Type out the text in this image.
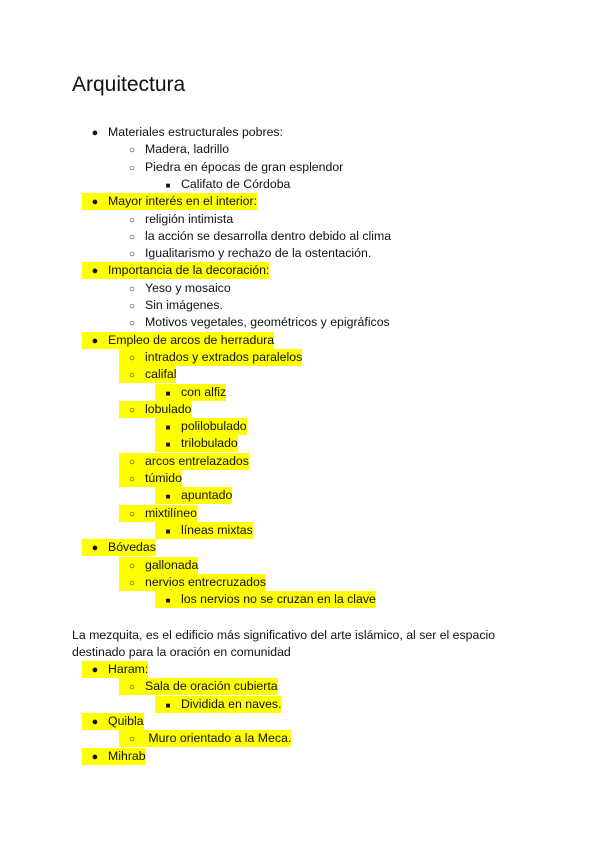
Arquitectura
● Materiales estructurales pobres:
○ Madera, ladrillo
○ Piedra en épocas de gran esplendor
■ Califato de Córdoba
● Mayor interés en el interior:
○ religión intimista
○ la acción se desarrolla dentro debido al clima
○ Igualitarismo y rechazo de la ostentación.
● Importancia de la decoración:
○ Yeso y mosaico
○ Sin imágenes.
○ Motivos vegetales, geométricos y epigráficos
● Empleo de arcos de herradura
○ intrados y extrados paralelos
○ califal
■ con alfiz
○ lobulado
■ polilobulado
■ trilobulado
○ arcos entrelazados
○ túmido
■ apuntado
○ mixtilíneo
■ líneas mixtas
● Bóvedas
○ gallonada
○ nervios entrecruzados
■ los nervios no se cruzan en la clave
La mezquita, es el edificio más significativo del arte islámico, al ser el espacio
destinado para la oración en comunidad
● Haram:
○ Sala de oración cubierta
■ Dividida en naves.
● Quibla
○ Muro orientado a la Meca.
● Mihrab
